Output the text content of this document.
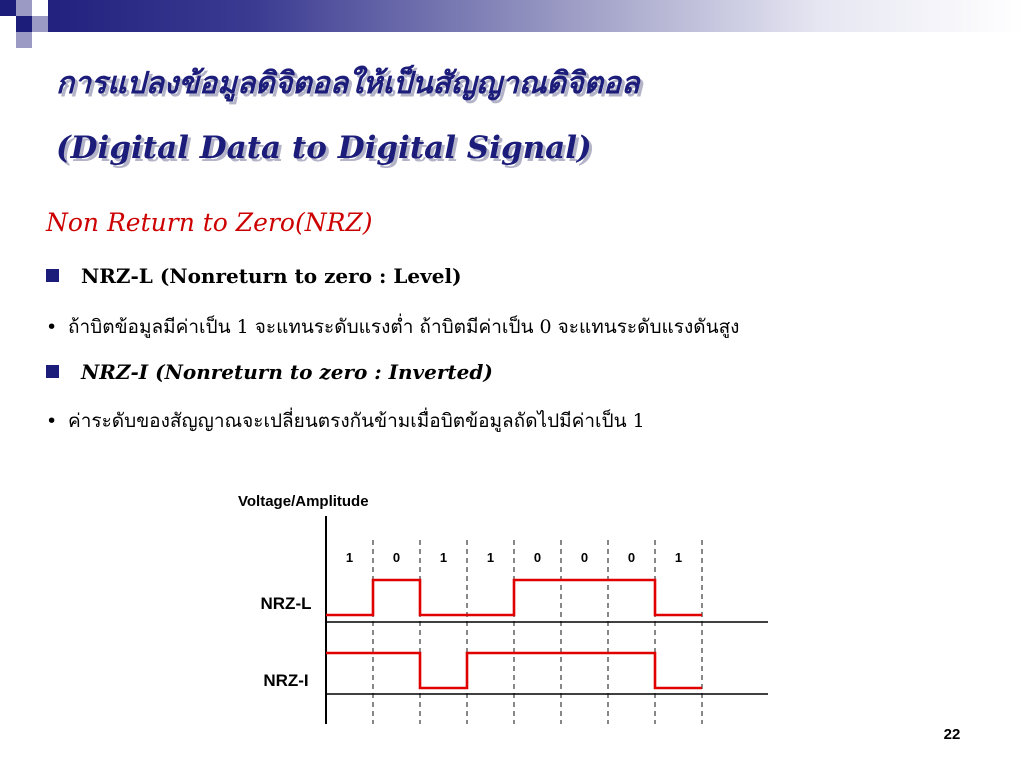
การแปลงข้อมูลดิจิตอลให้เป็นสัญญาณดิจิตอล
(Digital Data to Digital Signal)
Non Return to Zero(NRZ)
NRZ-L (Nonreturn to zero : Level)
• ถ้าบิตข้อมูลมีค่าเป็น 1 จะแทนระดับแรงต่ำ ถ้าบิตมีค่าเป็น 0 จะแทนระดับแรงดันสูง
NRZ-I (Nonreturn to zero : Inverted)
• ค่าระดับของสัญญาณจะเปลี่ยนตรงกันข้ามเมื่อบิตข้อมูลถัดไปมีค่าเป็น 1
Voltage/Amplitude
1	0	1	1	0	0	0	1
NRZ-L
NRZ-I
22
